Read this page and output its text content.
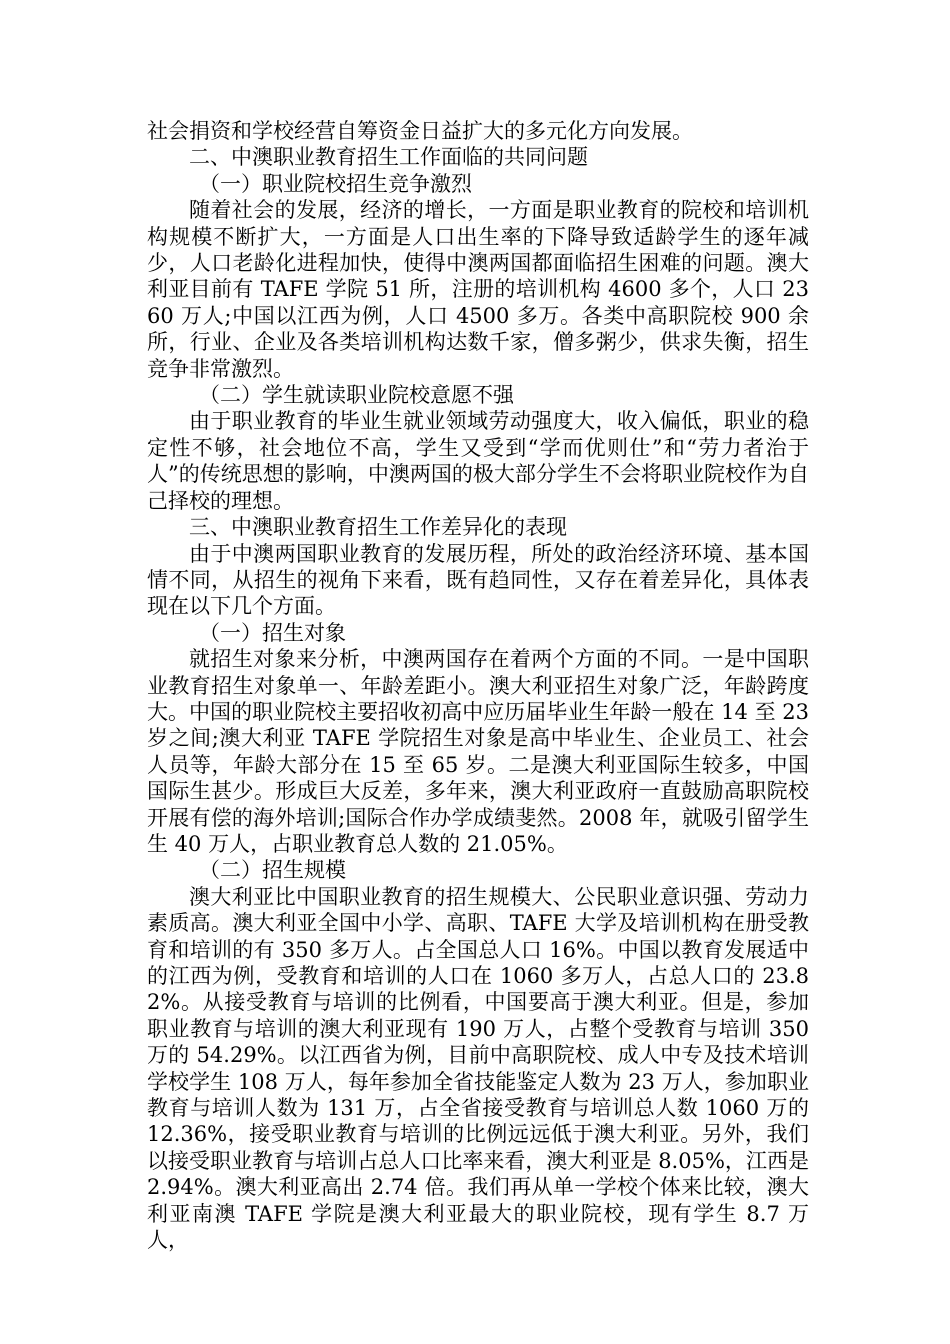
社会捐资和学校经营自筹资金日益扩大的多元化方向发展。

二、中澳职业教育招生工作面临的共同问题

（一）职业院校招生竞争激烈

随着社会的发展，经济的增长，一方面是职业教育的院校和培训机构规模不断扩大，一方面是人口出生率的下降导致适龄学生的逐年减少，人口老龄化进程加快，使得中澳两国都面临招生困难的问题。澳大利亚目前有 TAFE 学院 51 所，注册的培训机构 4600 多个，人口 2360 万人;中国以江西为例，人口 4500 多万。各类中高职院校 900 余所，行业、企业及各类培训机构达数千家，僧多粥少，供求失衡，招生竞争非常激烈。

（二）学生就读职业院校意愿不强

由于职业教育的毕业生就业领域劳动强度大，收入偏低，职业的稳定性不够，社会地位不高，学生又受到“学而优则仕”和“劳力者治于人”的传统思想的影响，中澳两国的极大部分学生不会将职业院校作为自己择校的理想。

三、中澳职业教育招生工作差异化的表现

由于中澳两国职业教育的发展历程，所处的政治经济环境、基本国情不同，从招生的视角下来看，既有趋同性，又存在着差异化，具体表现在以下几个方面。

（一）招生对象

就招生对象来分析，中澳两国存在着两个方面的不同。一是中国职业教育招生对象单一、年龄差距小。澳大利亚招生对象广泛，年龄跨度大。中国的职业院校主要招收初高中应历届毕业生年龄一般在 14 至 23 岁之间;澳大利亚 TAFE 学院招生对象是高中毕业生、企业员工、社会人员等，年龄大部分在 15 至 65 岁。二是澳大利亚国际生较多，中国国际生甚少。形成巨大反差，多年来，澳大利亚政府一直鼓励高职院校开展有偿的海外培训;国际合作办学成绩斐然。2008 年，就吸引留学生生 40 万人，占职业教育总人数的 21.05%。

（二）招生规模

澳大利亚比中国职业教育的招生规模大、公民职业意识强、劳动力素质高。澳大利亚全国中小学、高职、TAFE 大学及培训机构在册受教育和培训的有 350 多万人。占全国总人口 16%。中国以教育发展适中的江西为例，受教育和培训的人口在 1060 多万人，占总人口的 23.82%。从接受教育与培训的比例看，中国要高于澳大利亚。但是，参加职业教育与培训的澳大利亚现有 190 万人，占整个受教育与培训 350 万的 54.29%。以江西省为例，目前中高职院校、成人中专及技术培训学校学生 108 万人，每年参加全省技能鉴定人数为 23 万人，参加职业教育与培训人数为 131 万，占全省接受教育与培训总人数 1060 万的 12.36%，接受职业教育与培训的比例远远低于澳大利亚。另外，我们以接受职业教育与培训占总人口比率来看，澳大利亚是 8.05%，江西是 2.94%。澳大利亚高出 2.74 倍。我们再从单一学校个体来比较，澳大利亚南澳 TAFE 学院是澳大利亚最大的职业院校，现有学生 8.7 万人，
